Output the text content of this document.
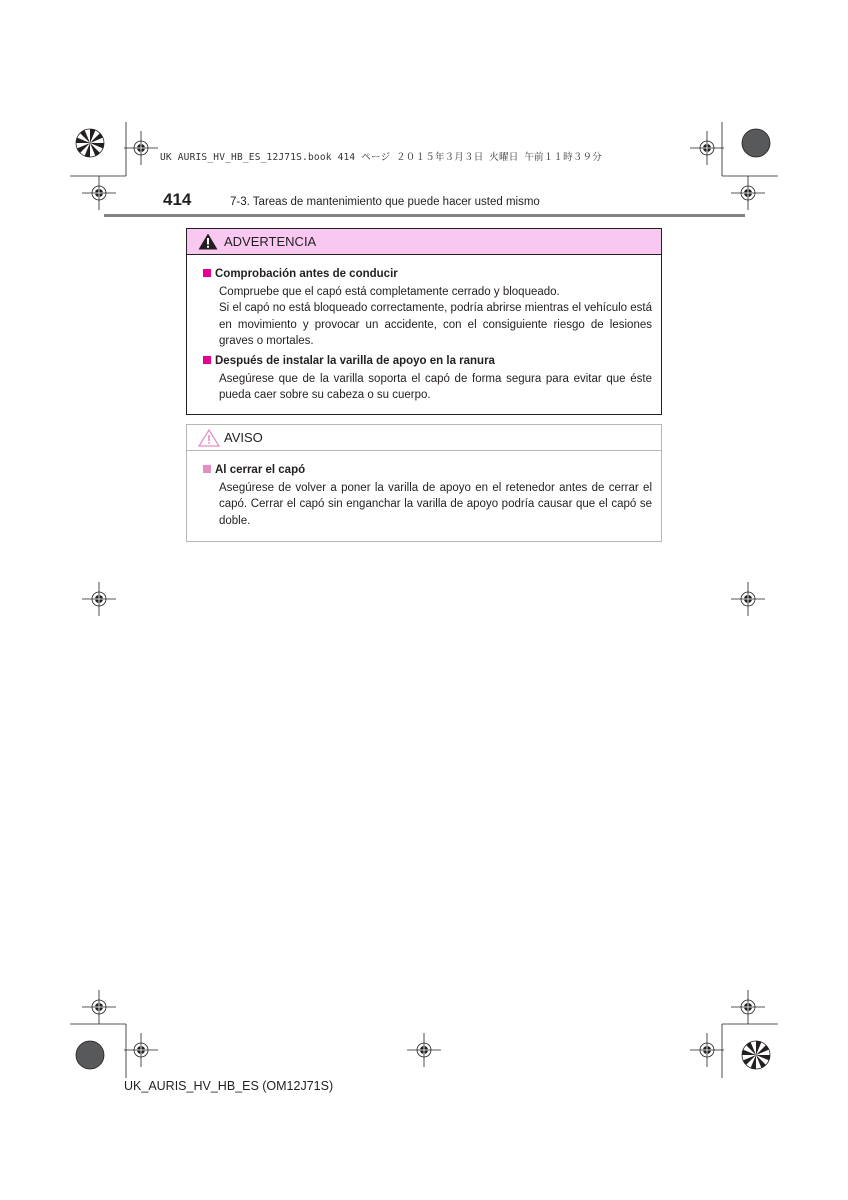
UK AURIS_HV_HB_ES_12J71S.book 414 ページ ２０１５年３月３日 火曜日 午前１１時３９分
414	7-3. Tareas de mantenimiento que puede hacer usted mismo
ADVERTENCIA
Comprobación antes de conducir
Compruebe que el capó está completamente cerrado y bloqueado.
Si el capó no está bloqueado correctamente, podría abrirse mientras el vehículo está en movimiento y provocar un accidente, con el consiguiente riesgo de lesiones graves o mortales.
Después de instalar la varilla de apoyo en la ranura
Asegúrese que de la varilla soporta el capó de forma segura para evitar que éste pueda caer sobre su cabeza o su cuerpo.
AVISO
Al cerrar el capó
Asegúrese de volver a poner la varilla de apoyo en el retenedor antes de cerrar el capó. Cerrar el capó sin enganchar la varilla de apoyo podría causar que el capó se doble.
UK_AURIS_HV_HB_ES (OM12J71S)
